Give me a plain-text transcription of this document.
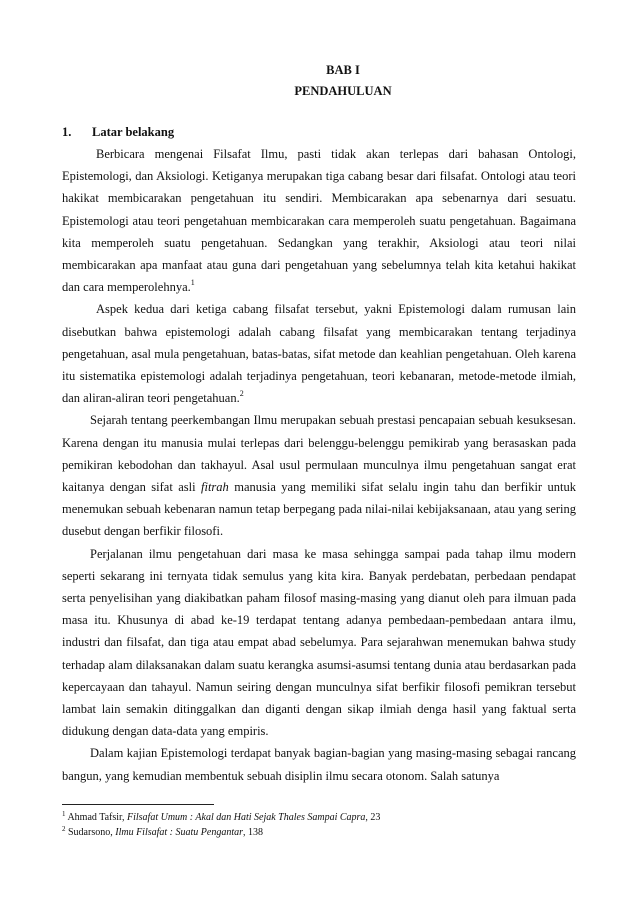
BAB I
PENDAHULUAN
1. Latar belakang

Berbicara mengenai Filsafat Ilmu, pasti tidak akan terlepas dari bahasan Ontologi, Epistemologi, dan Aksiologi. Ketiganya merupakan tiga cabang besar dari filsafat. Ontologi atau teori hakikat membicarakan pengetahuan itu sendiri. Membicarakan apa sebenarnya dari sesuatu. Epistemologi atau teori pengetahuan membicarakan cara memperoleh suatu pengetahuan. Bagaimana kita memperoleh suatu pengetahuan. Sedangkan yang terakhir, Aksiologi atau teori nilai membicarakan apa manfaat atau guna dari pengetahuan yang sebelumnya telah kita ketahui hakikat dan cara memperolehnya.$^1$

Aspek kedua dari ketiga cabang filsafat tersebut, yakni Epistemologi dalam rumusan lain disebutkan bahwa epistemologi adalah cabang filsafat yang membicarakan tentang terjadinya pengetahuan, asal mula pengetahuan, batas-batas, sifat metode dan keahlian pengetahuan. Oleh karena itu sistematika epistemologi adalah terjadinya pengetahuan, teori kebanaran, metode-metode ilmiah, dan aliran-aliran teori pengetahuan.$^2$

Sejarah tentang peerkembangan Ilmu merupakan sebuah prestasi pencapaian sebuah kesuksesan. Karena dengan itu manusia mulai terlepas dari belenggu-belenggu pemikirab yang berasaskan pada pemikiran kebodohan dan takhayul. Asal usul permulaan munculnya ilmu pengetahuan sangat erat kaitanya dengan sifat asli fitrah manusia yang memiliki sifat selalu ingin tahu dan berfikir untuk menemukan sebuah kebenaran namun tetap berpegang pada nilai-nilai kebijaksanaan, atau yang sering dusebut dengan berfikir filosofi.

Perjalanan ilmu pengetahuan dari masa ke masa sehingga sampai pada tahap ilmu modern seperti sekarang ini ternyata tidak semulus yang kita kira. Banyak perdebatan, perbedaan pendapat serta penyelisihan yang diakibatkan paham filosof masing-masing yang dianut oleh para ilmuan pada masa itu. Khusunya di abad ke-19 terdapat tentang adanya pembedaan-pembedaan antara ilmu, industri dan filsafat, dan tiga atau empat abad sebelumya. Para sejarahwan menemukan bahwa study terhadap alam dilaksanakan dalam suatu kerangka asumsi-asumsi tentang dunia atau berdasarkan pada kepercayaan dan tahayul. Namun seiring dengan munculnya sifat berfikir filosofi pemikran tersebut lambat lain semakin ditinggalkan dan diganti dengan sikap ilmiah denga hasil yang faktual serta didukung dengan data-data yang empiris.

Dalam kajian Epistemologi terdapat banyak bagian-bagian yang masing-masing sebagai rancang bangun, yang kemudian membentuk sebuah disiplin ilmu secara otonom. Salah satunya

$^1$ Ahmad Tafsir, Filsafat Umum : Akal dan Hati Sejak Thales Sampai Capra, 23
$^2$ Sudarsono, Ilmu Filsafat : Suatu Pengantar, 138
